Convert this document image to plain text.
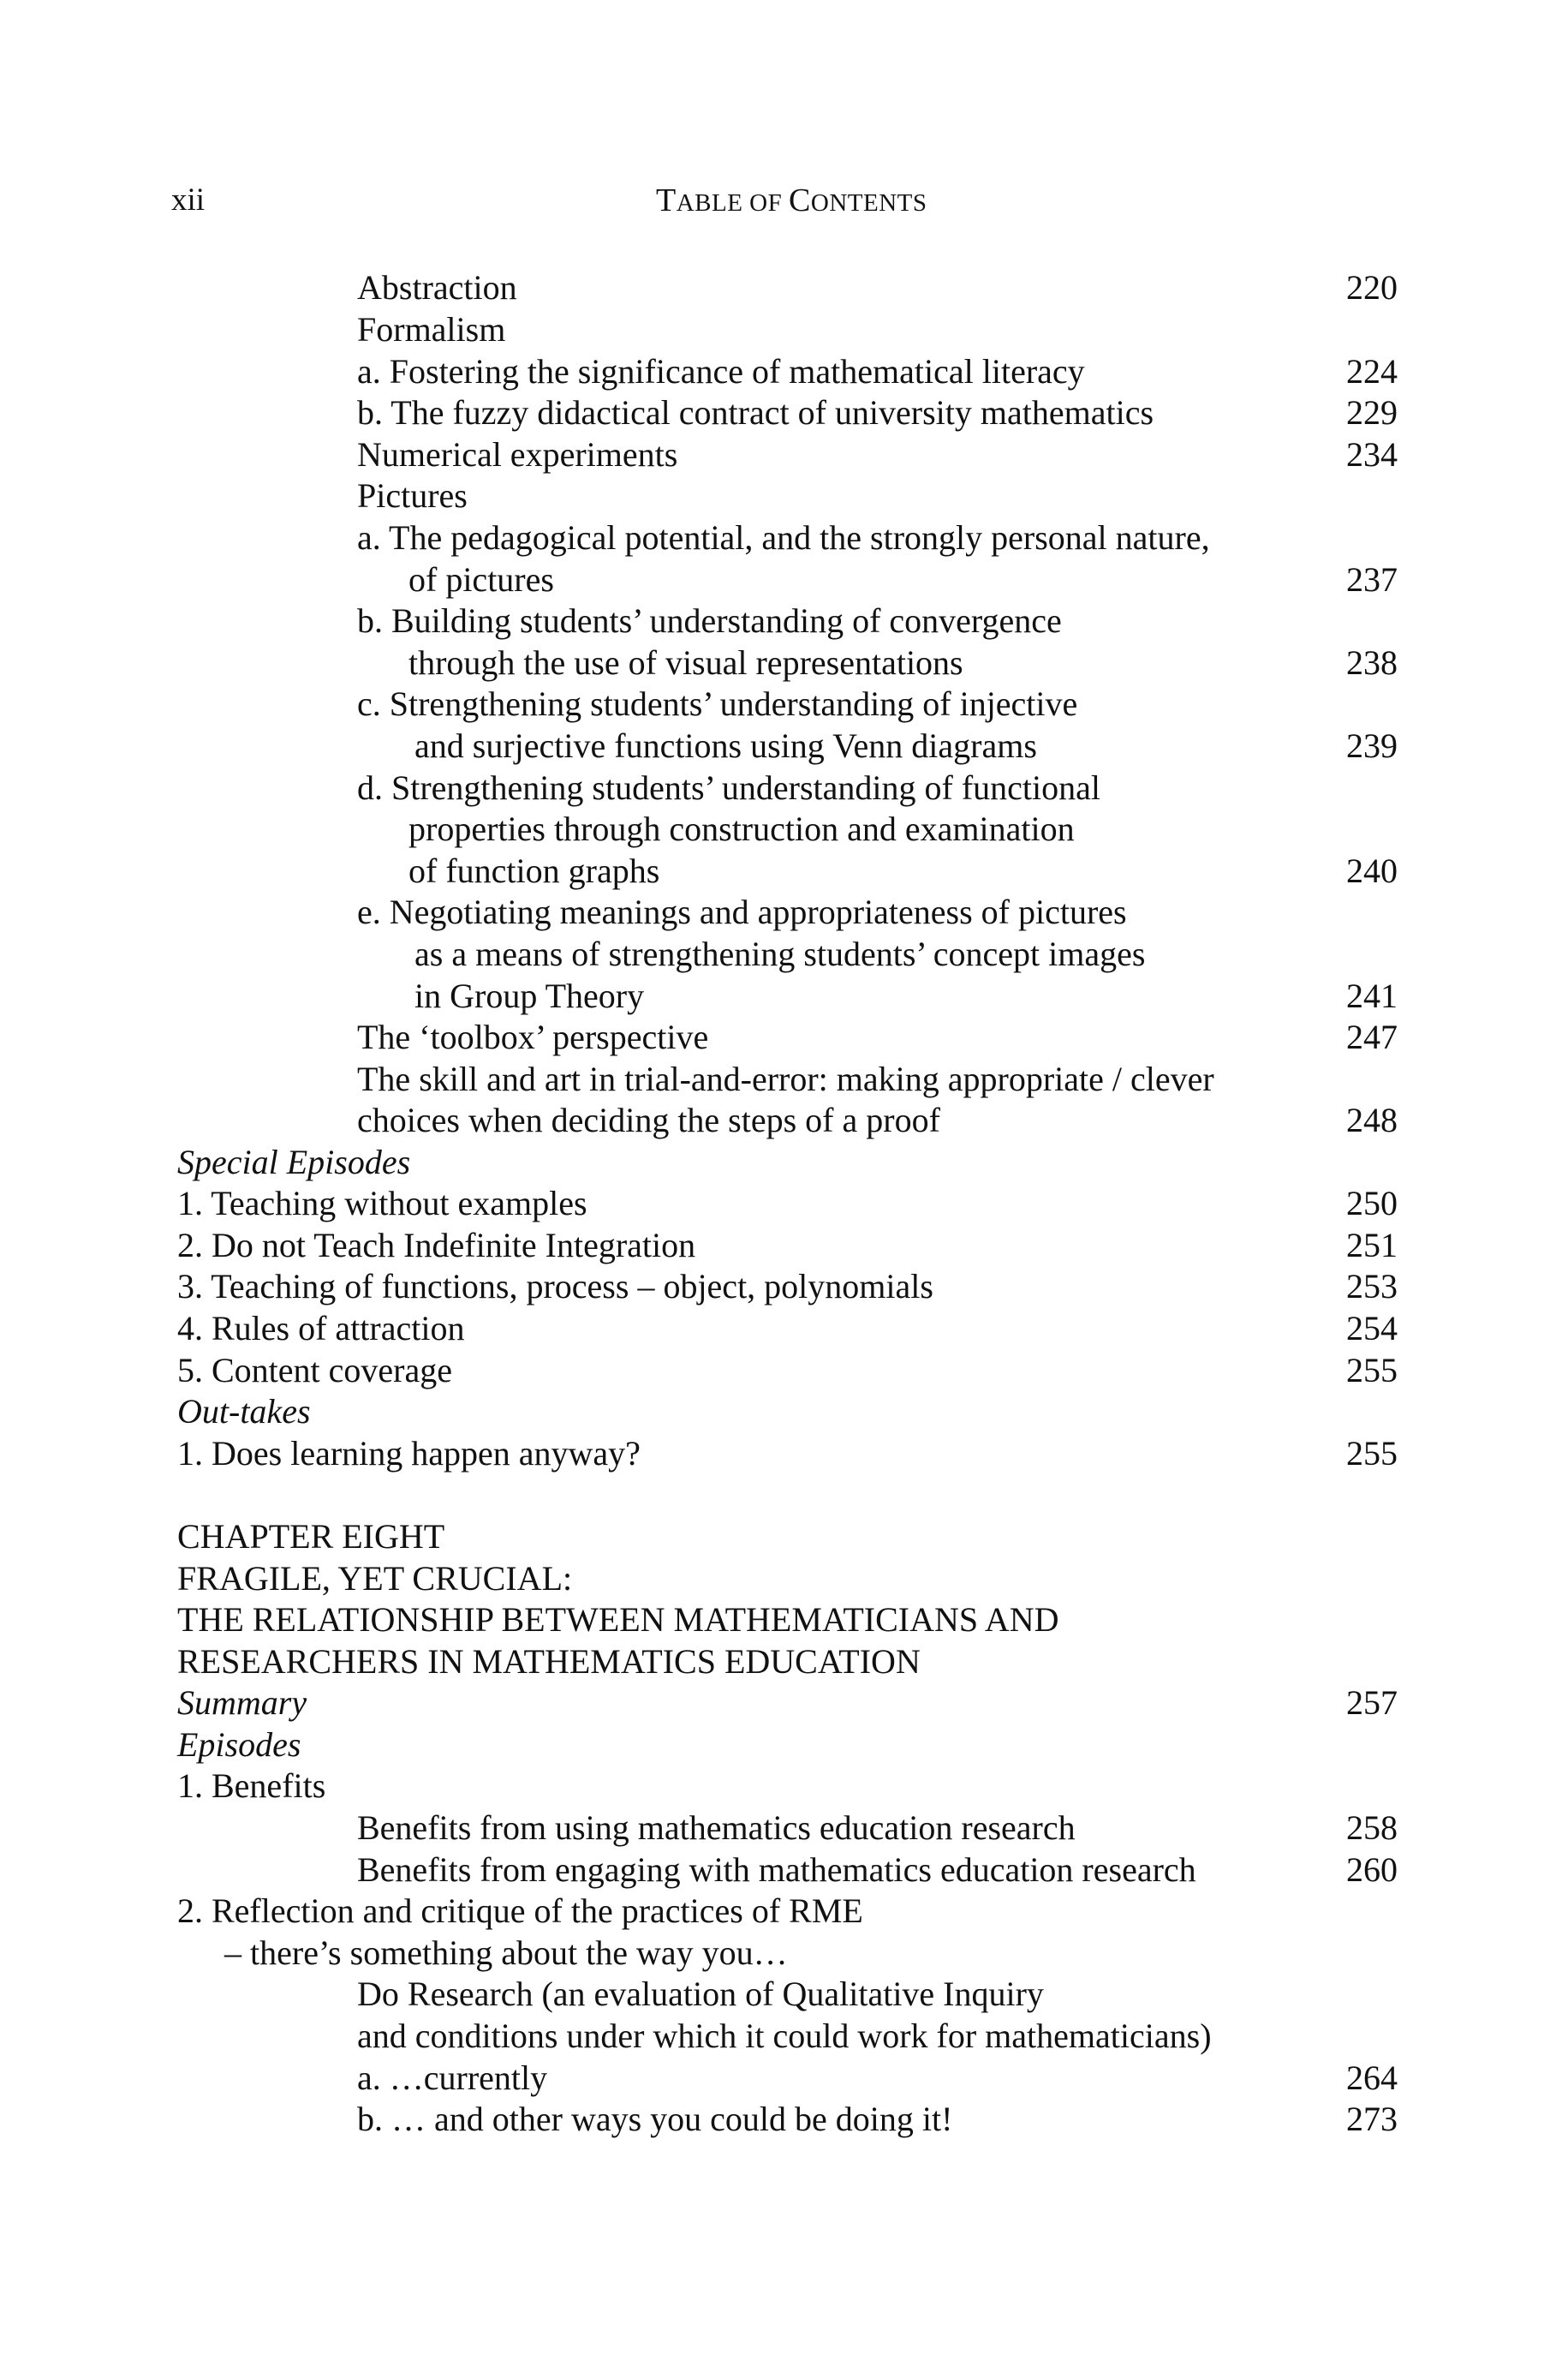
xii	TABLE OF CONTENTS
Abstraction	220
Formalism
a. Fostering the significance of mathematical literacy	224
b. The fuzzy didactical contract of university mathematics	229
Numerical experiments	234
Pictures
a. The pedagogical potential, and the strongly personal nature,
of pictures	237
b. Building students’ understanding of convergence
through the use of visual representations	238
c. Strengthening students’ understanding of injective
and surjective functions using Venn diagrams	239
d. Strengthening students’ understanding of functional
properties through construction and examination
of function graphs	240
e. Negotiating meanings and appropriateness of pictures
as a means of strengthening students’ concept images
in Group Theory	241
The ‘toolbox’ perspective	247
The skill and art in trial-and-error: making appropriate / clever
choices when deciding the steps of a proof	248
Special Episodes
1. Teaching without examples	250
2. Do not Teach Indefinite Integration	251
3. Teaching of functions, process – object, polynomials	253
4. Rules of attraction	254
5. Content coverage	255
Out-takes
1. Does learning happen anyway?	255
CHAPTER EIGHT
FRAGILE, YET CRUCIAL:
THE RELATIONSHIP BETWEEN MATHEMATICIANS AND
RESEARCHERS IN MATHEMATICS EDUCATION
Summary	257
Episodes
1. Benefits
Benefits from using mathematics education research	258
Benefits from engaging with mathematics education research	260
2. Reflection and critique of the practices of RME
– there’s something about the way you…
Do Research (an evaluation of Qualitative Inquiry
and conditions under which it could work for mathematicians)
a. …currently	264
b. … and other ways you could be doing it!	273
